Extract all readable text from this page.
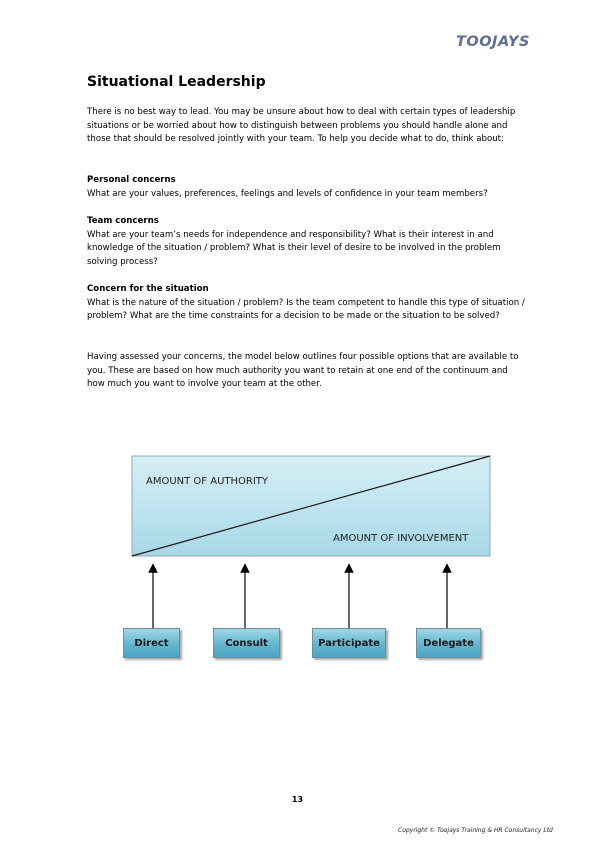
TOOJAYS
Situational Leadership

There is no best way to lead. You may be unsure about how to deal with certain types of leadership situations or be worried about how to distinguish between problems you should handle alone and those that should be resolved jointly with your team. To help you decide what to do, think about:

Personal concerns
What are your values, preferences, feelings and levels of confidence in your team members?

Team concerns
What are your team’s needs for independence and responsibility? What is their interest in and knowledge of the situation / problem? What is their level of desire to be involved in the problem solving process?

Concern for the situation
What is the nature of the situation / problem? Is the team competent to handle this type of situation / problem? What are the time constraints for a decision to be made or the situation to be solved?

Having assessed your concerns, the model below outlines four possible options that are available to you. These are based on how much authority you want to retain at one end of the continuum and how much you want to involve your team at the other.

AMOUNT OF AUTHORITY
AMOUNT OF INVOLVEMENT
Direct	Consult	Participate	Delegate
13
Copyright © Toojays Training & HR Consultancy Ltd
